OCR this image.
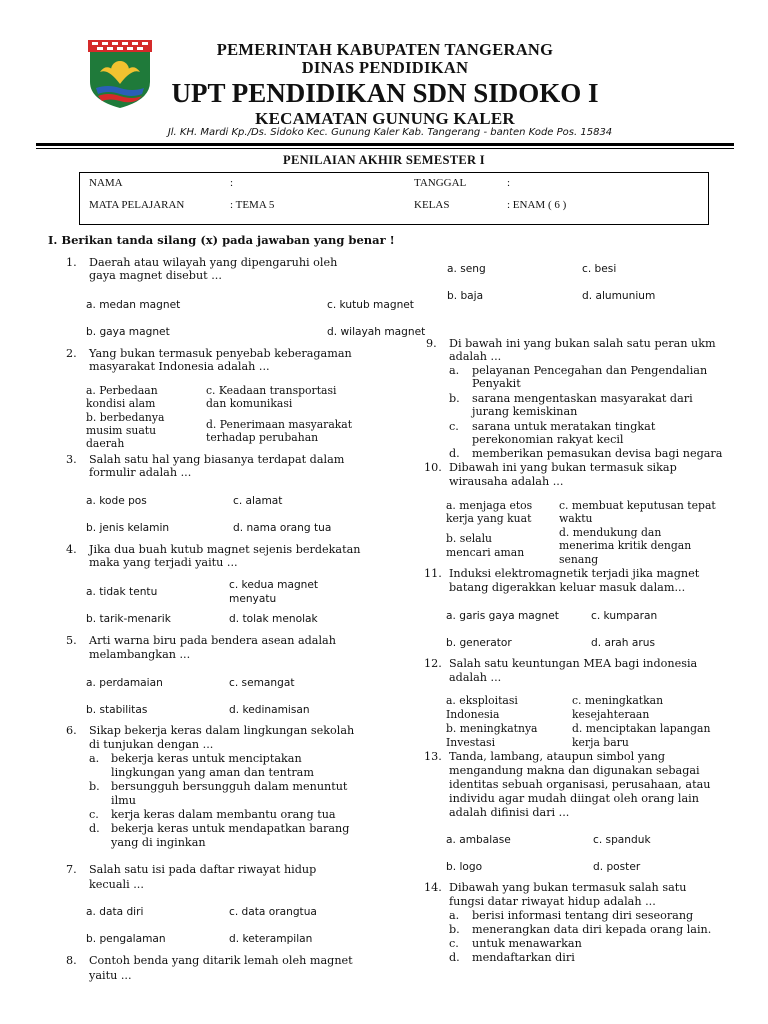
PEMERINTAH KABUPATEN TANGERANG
DINAS PENDIDIKAN
UPT PENDIDIKAN SDN SIDOKO I
KECAMATAN GUNUNG KALER
Jl. KH. Mardi Kp./Ds. Sidoko Kec. Gunung Kaler Kab. Tangerang - banten Kode Pos. 15834
PENILAIAN AKHIR SEMESTER I
NAMA	:	TANGGAL	:
MATA PELAJARAN	: TEMA 5	KELAS	: ENAM ( 6 )
I. Berikan tanda silang (x) pada jawaban yang benar !
1. Daerah atau wilayah yang dipengaruhi oleh
gaya magnet disebut ...
a. medan magnet
b. gaya magnet
c. kutub magnet
d. wilayah magnet
2. Yang bukan termasuk penyebab keberagaman
masyarakat Indonesia adalah ...
a. Perbedaan
kondisi alam
b. berbedanya
musim suatu
daerah
c. Keadaan transportasi
dan komunikasi
d. Penerimaan masyarakat
terhadap perubahan
3. Salah satu hal yang biasanya terdapat dalam
formulir adalah ...
a. kode pos
b. jenis kelamin
c. alamat
d. nama orang tua
4. Jika dua buah kutub magnet sejenis berdekatan
maka yang terjadi yaitu ...
a. tidak tentu
b. tarik-menarik
c. kedua magnet
menyatu
d. tolak menolak
5. Arti warna biru pada bendera asean adalah
melambangkan ...
a. perdamaian
b. stabilitas
c. semangat
d. kedinamisan
6. Sikap bekerja keras dalam lingkungan sekolah
di tunjukan dengan ...
a. bekerja keras untuk menciptakan
lingkungan yang aman dan tentram
b. bersungguh bersungguh dalam menuntut
ilmu
c. kerja keras dalam membantu orang tua
d. bekerja keras untuk mendapatkan barang
yang di inginkan
7. Salah satu isi pada daftar riwayat hidup
kecuali ...
a. data diri
b. pengalaman
c. data orangtua
d. keterampilan
8. Contoh benda yang ditarik lemah oleh magnet
yaitu ...
a. seng
b. baja
c. besi
d. alumunium
9. Di bawah ini yang bukan salah satu peran ukm
adalah ...
a. pelayanan Pencegahan dan Pengendalian
Penyakit
b. sarana mengentaskan masyarakat dari
jurang kemiskinan
c. sarana untuk meratakan tingkat
perekonomian rakyat kecil
d. memberikan pemasukan devisa bagi negara
10. Dibawah ini yang bukan termasuk sikap
wirausaha adalah ...
a. menjaga etos
kerja yang kuat
b. selalu
mencari aman
c. membuat keputusan tepat
waktu
d. mendukung dan
menerima kritik dengan
senang
11. Induksi elektromagnetik terjadi jika magnet
batang digerakkan keluar masuk dalam...
a. garis gaya magnet
b. generator
c. kumparan
d. arah arus
12. Salah satu keuntungan MEA bagi indonesia
adalah ...
a. eksploitasi
Indonesia
b. meningkatnya
Investasi
c. meningkatkan
kesejahteraan
d. menciptakan lapangan
kerja baru
13. Tanda, lambang, ataupun simbol yang
mengandung makna dan digunakan sebagai
identitas sebuah organisasi, perusahaan, atau
individu agar mudah diingat oleh orang lain
adalah difinisi dari ...
a. ambalase
b. logo
c. spanduk
d. poster
14. Dibawah yang bukan termasuk salah satu
fungsi datar riwayat hidup adalah ...
a. berisi informasi tentang diri seseorang
b. menerangkan data diri kepada orang lain.
c. untuk menawarkan
d. mendaftarkan diri
